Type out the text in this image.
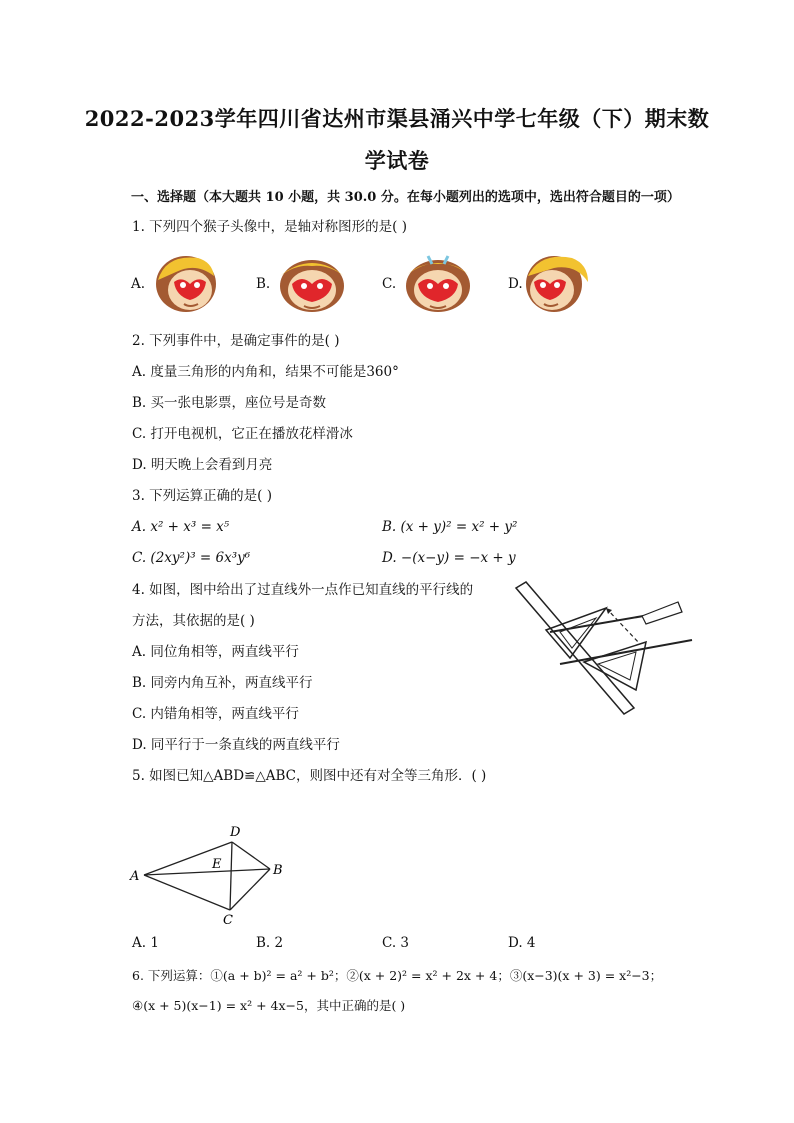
2022-2023学年四川省达州市渠县涌兴中学七年级（下）期末数
学试卷
一、选择题（本大题共 10 小题，共 30.0 分。在每小题列出的选项中，选出符合题目的一项）
1. 下列四个猴子头像中，是轴对称图形的是( )
A.	B.	C.	D.
2. 下列事件中，是确定事件的是( )
A. 度量三角形的内角和，结果不可能是360°
B. 买一张电影票，座位号是奇数
C. 打开电视机，它正在播放花样滑冰
D. 明天晚上会看到月亮
3. 下列运算正确的是( )
A. x² + x³ = x⁵	B. (x + y)² = x² + y²
C. (2xy²)³ = 6x³y⁶	D. −(x−y) = −x + y
4. 如图，图中给出了过直线外一点作已知直线的平行线的
方法，其依据的是( )
A. 同位角相等，两直线平行
B. 同旁内角互补，两直线平行
C. 内错角相等，两直线平行
D. 同平行于一条直线的两直线平行
5. 如图已知△ABD≌△ABC，则图中还有对全等三角形．( )
A	B
C
D
E
A. 1	B. 2	C. 3	D. 4
6. 下列运算：①(a + b)² = a² + b²；②(x + 2)² = x² + 2x + 4；③(x−3)(x + 3) = x²−3；
④(x + 5)(x−1) = x² + 4x−5，其中正确的是( )
